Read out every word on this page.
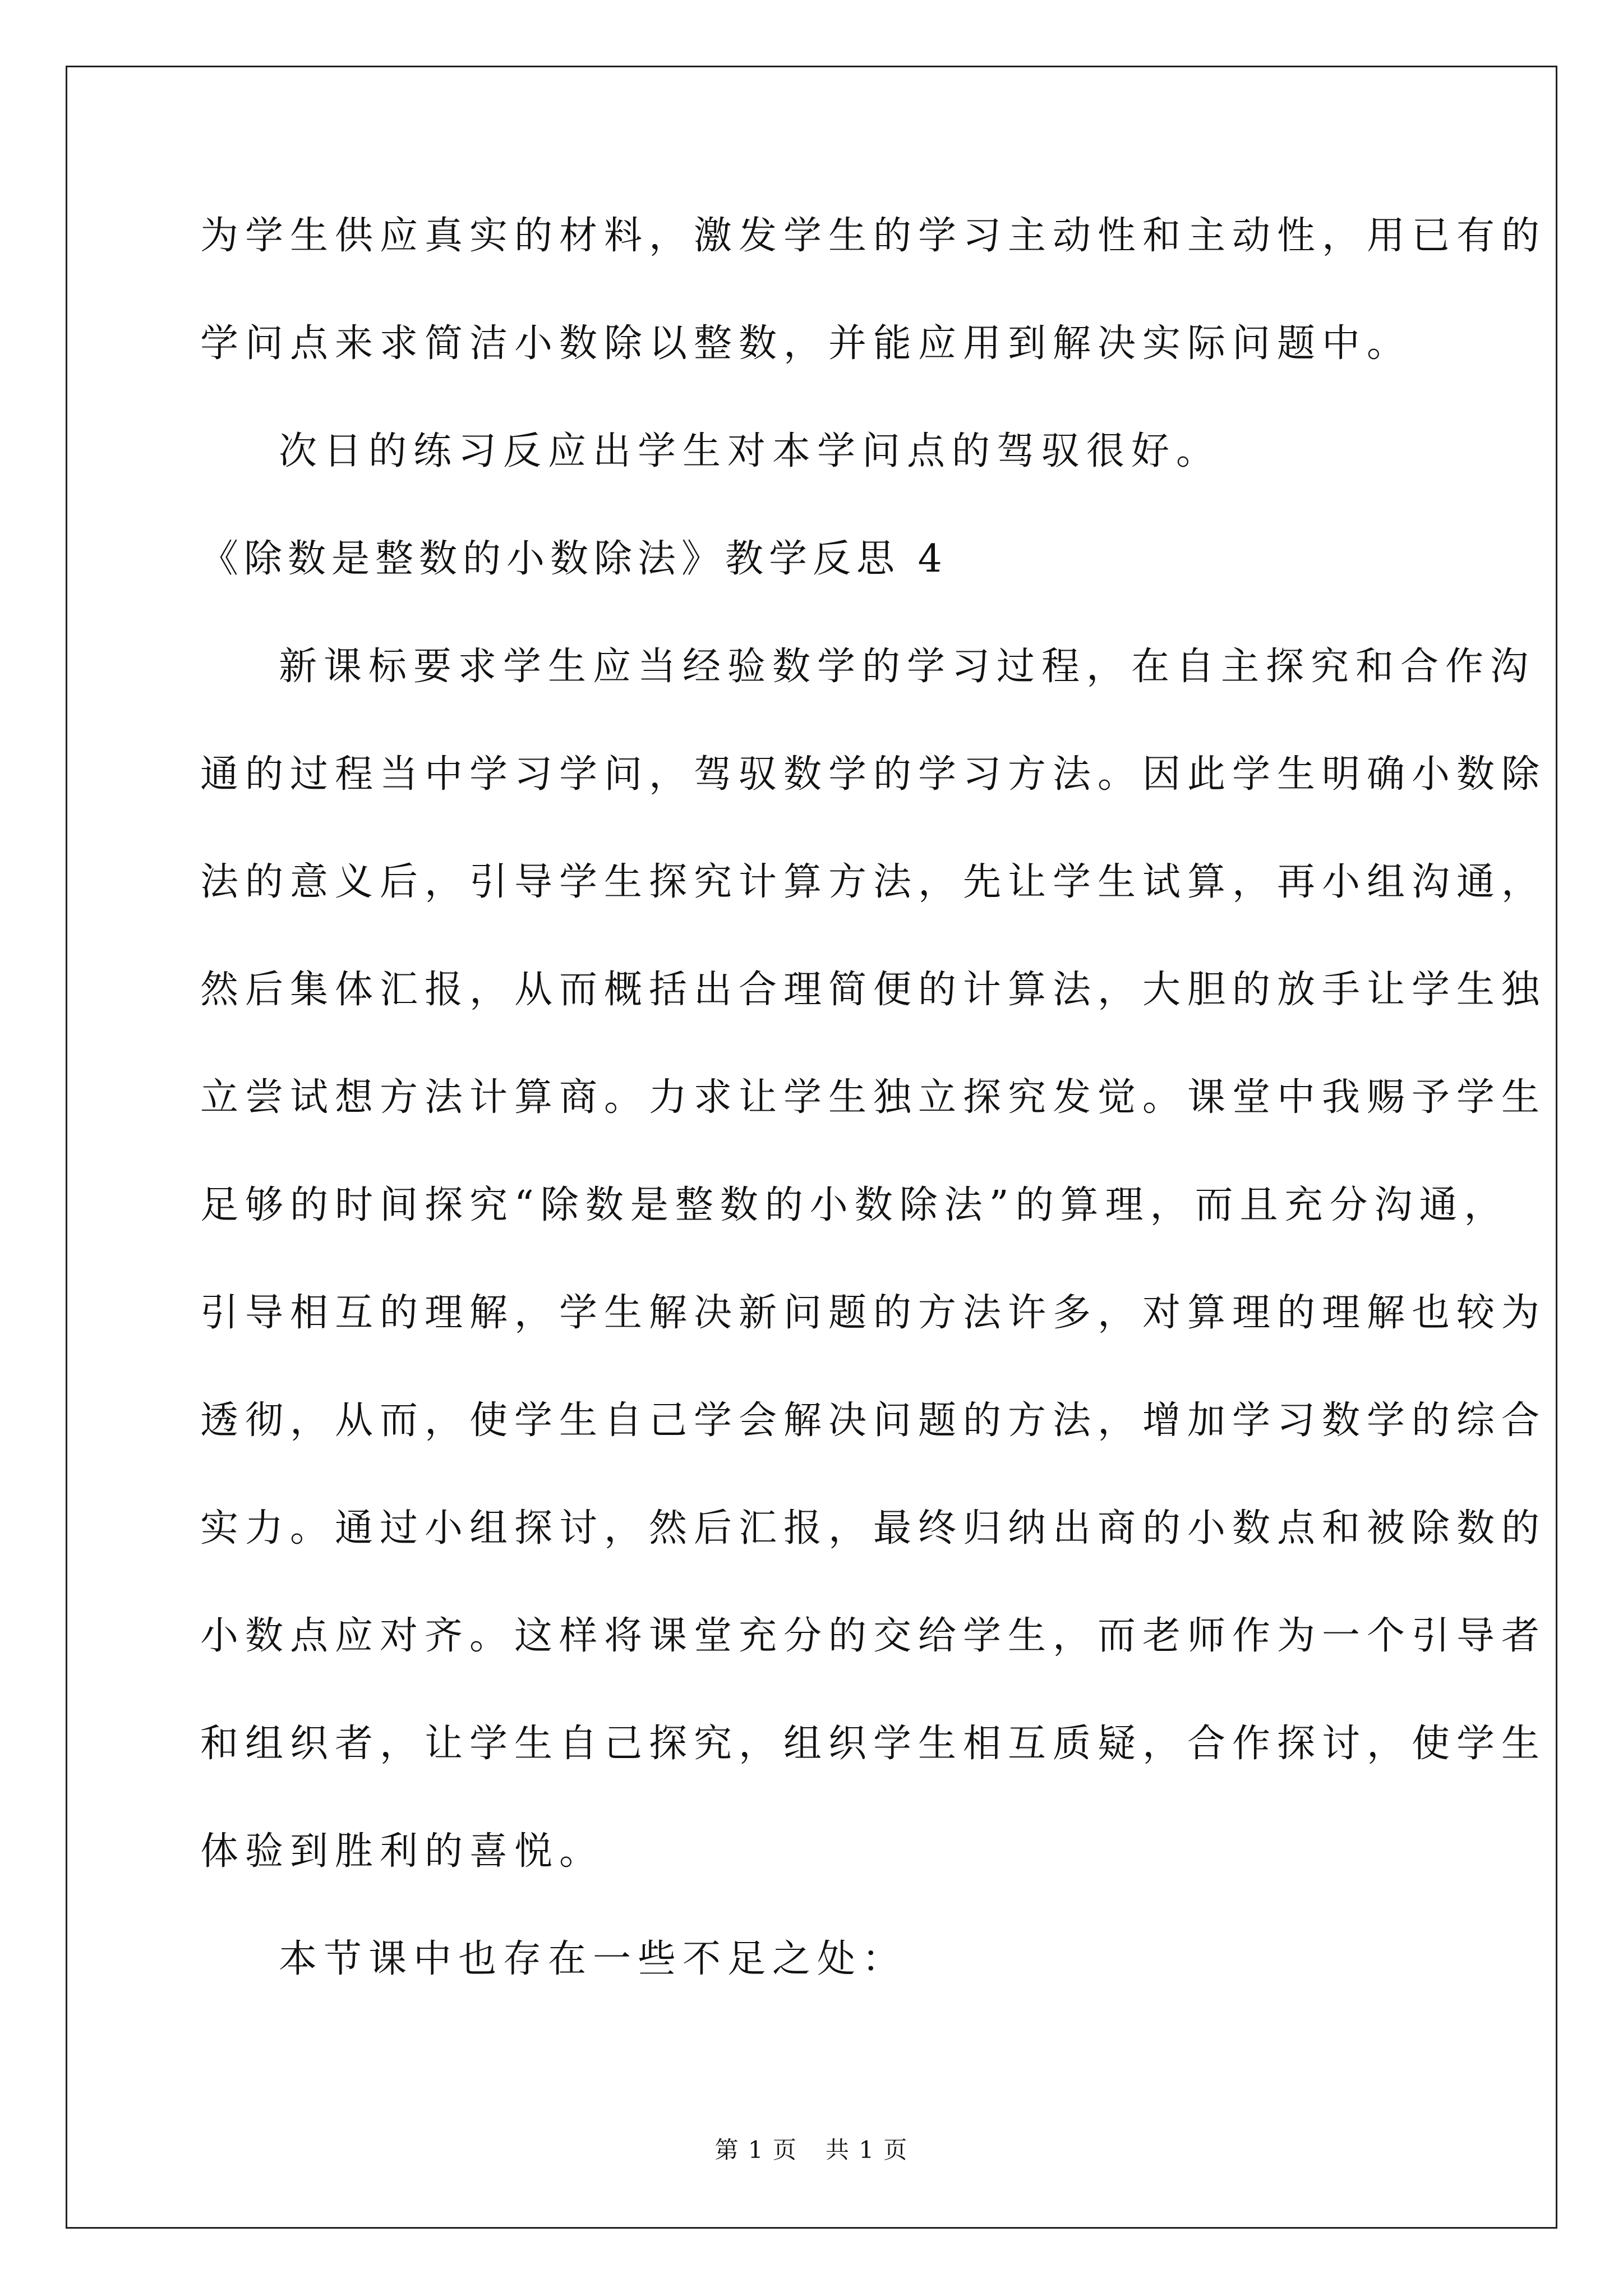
为学生供应真实的材料，激发学生的学习主动性和主动性，用已有的

学问点来求简洁小数除以整数，并能应用到解决实际问题中。

次日的练习反应出学生对本学问点的驾驭很好。

《除数是整数的小数除法》教学反思 4

新课标要求学生应当经验数学的学习过程，在自主探究和合作沟

通的过程当中学习学问，驾驭数学的学习方法。因此学生明确小数除

法的意义后，引导学生探究计算方法，先让学生试算，再小组沟通，

然后集体汇报，从而概括出合理简便的计算法，大胆的放手让学生独

立尝试想方法计算商。力求让学生独立探究发觉。课堂中我赐予学生

足够的时间探究“除数是整数的小数除法”的算理，而且充分沟通，

引导相互的理解，学生解决新问题的方法许多，对算理的理解也较为

透彻，从而，使学生自己学会解决问题的方法，增加学习数学的综合

实力。通过小组探讨，然后汇报，最终归纳出商的小数点和被除数的

小数点应对齐。这样将课堂充分的交给学生，而老师作为一个引导者

和组织者，让学生自己探究，组织学生相互质疑，合作探讨，使学生

体验到胜利的喜悦。

本节课中也存在一些不足之处：

第 1 页 共 1 页
